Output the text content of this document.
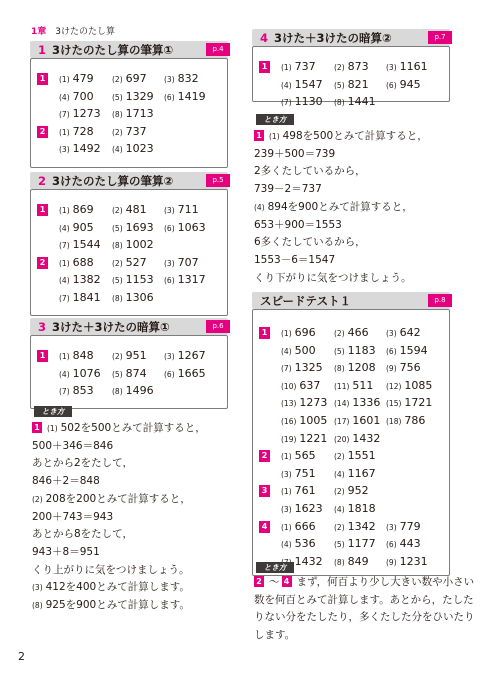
1章　 3けたのたし算
1 3けたのたし算の筆算①	p.4
1	(1) 479 (2) 697 (3) 832
(4) 700 (5) 1329 (6) 1419
(7) 1273 (8) 1713
2	(1) 728 (2) 737
(3) 1492 (4) 1023
2 3けたのたし算の筆算②	p.5
1	(1) 869 (2) 481 (3) 711
(4) 905 (5) 1693 (6) 1063
(7) 1544 (8) 1002
2	(1) 688 (2) 527 (3) 707
(4) 1382 (5) 1153 (6) 1317
(7) 1841 (8) 1306
3 3けた＋3けたの暗算①	p.6
1	(1) 848 (2) 951 (3) 1267
(4) 1076 (5) 874 (6) 1665
(7) 853 (8) 1496
4 3けた＋3けたの暗算②	p.7
1	(1) 737 (2) 873 (3) 1161
(4) 1547 (5) 821 (6) 945
(7) 1130 (8) 1441
スピードテスト１	p.8
1	(1) 696 (2) 466 (3) 642
(4) 500 (5) 1183 (6) 1594
(7) 1325 (8) 1208 (9) 756
(10) 637 (11) 511 (12) 1085
(13) 1273 (14) 1336 (15) 1721
(16) 1005 (17) 1601 (18) 786
(19) 1221 (20) 1432
2	(1) 565 (2) 1551
(3) 751 (4) 1167
3	(1) 761 (2) 952
(3) 1623 (4) 1818
4	(1) 666 (2) 1342 (3) 779
(4) 536 (5) 1177 (6) 443
1432 (8) 849 (9) 1231
とき方
1 (1) 502を500とみて計算すると，
500＋346＝846
あとから2をたして，
846＋2＝848
(2) 208を200とみて計算すると，
200＋743＝943
あとから8をたして，
943＋8＝951
くり上がりに気をつけましょう。
(3) 412を400とみて計算します。
(8) 925を900とみて計算します。
とき方
1 (1) 498を500とみて計算すると，
239＋500＝739
2多くたしているから，
739－2＝737
(4) 894を900とみて計算すると，
653＋900＝1553
6多くたしているから，
1553－6＝1547
くり下がりに気をつけましょう。
とき方
2 ～ 4 まず，何百より少し大きい数や小さい
数を何百とみて計算します。あとから，たした
りない分をたしたり，多くたした分をひいたり
します。
2
